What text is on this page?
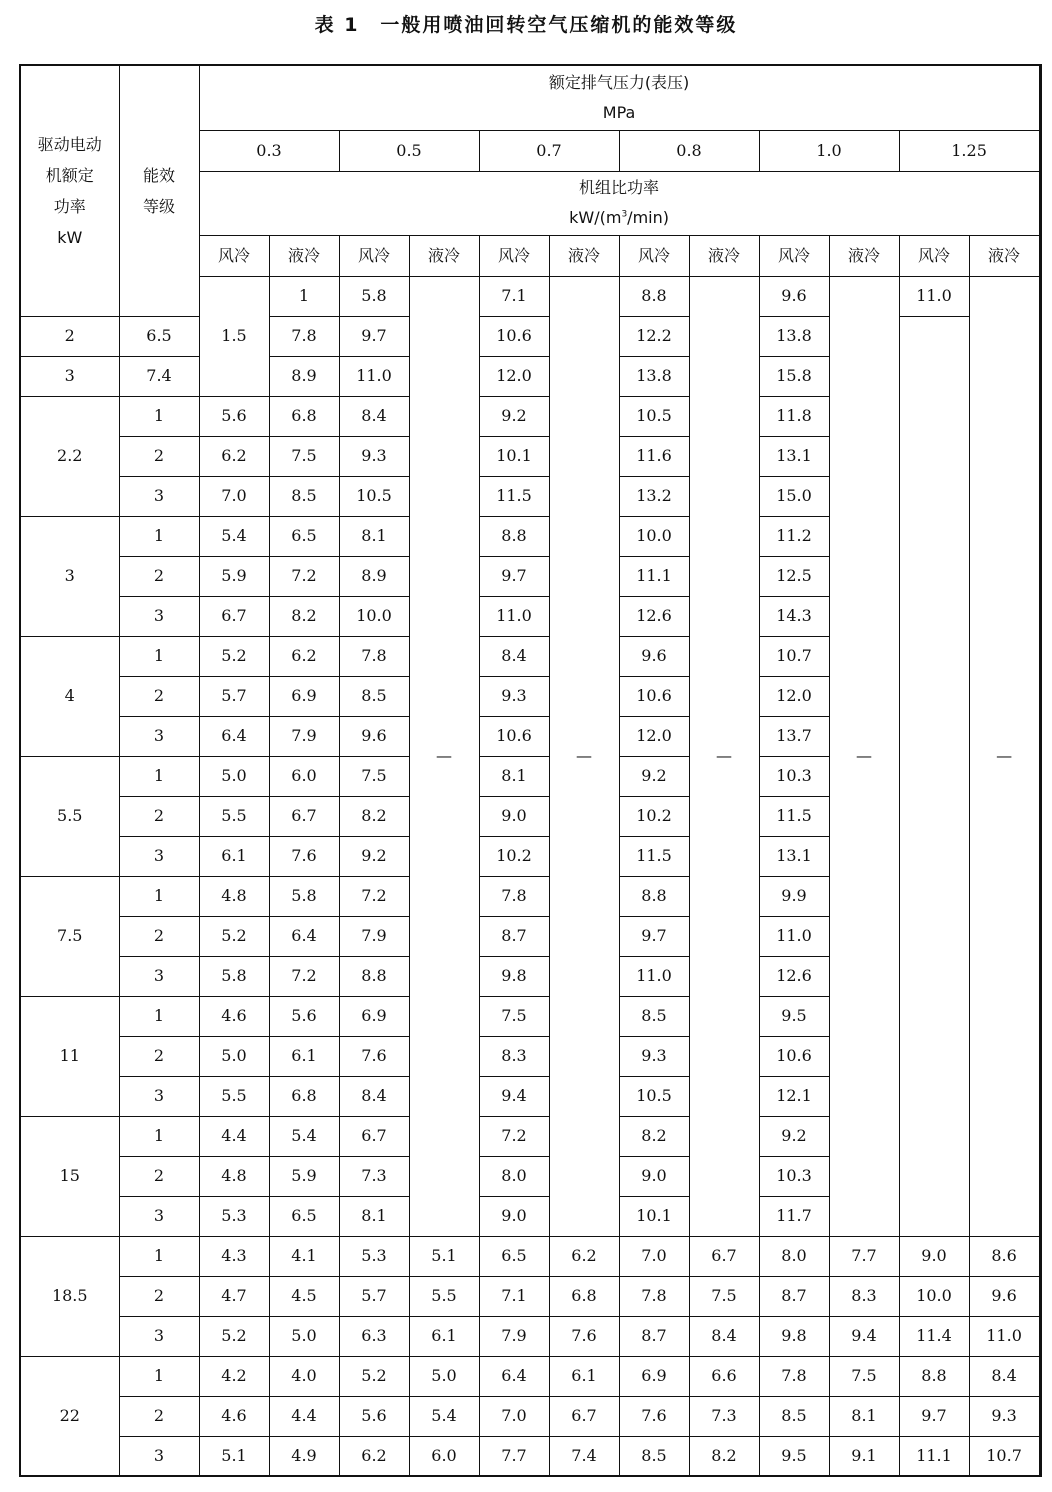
表 1　一般用喷油回转空气压缩机的能效等级
驱动电动
机额定
功率
kW	能效
等级	额定排气压力(表压)
MPa												

		0.3		0.5		0.7		0.8		1.0		1.25		

		机组比功率
$kW/(m^3/\min)$												

		风冷	液冷	风冷	液冷	风冷	液冷	风冷	液冷	风冷	液冷	风冷	液冷	
		1.5	1	5.8	—	7.1	—	8.8	—	9.6	—	11.0	—		
2	6.5		7.8	9.7		10.6		12.2		13.8				
3	7.4		8.9	11.0		12.0		13.8		15.8				
2.2	1	5.6	6.8	8.4		9.2		10.5		11.8				
	2	6.2	7.5	9.3		10.1		11.6		13.1				
	3	7.0	8.5	10.5		11.5		13.2		15.0				
3	1	5.4	6.5	8.1		8.8		10.0		11.2				
	2	5.9	7.2	8.9		9.7		11.1		12.5				
	3	6.7	8.2	10.0		11.0		12.6		14.3				
4	1	5.2	6.2	7.8		8.4		9.6		10.7				
	2	5.7	6.9	8.5		9.3		10.6		12.0				
	3	6.4	7.9	9.6		10.6		12.0		13.7				
5.5	1	5.0	6.0	7.5		8.1		9.2		10.3				
	2	5.5	6.7	8.2		9.0		10.2		11.5				
	3	6.1	7.6	9.2		10.2		11.5		13.1				
7.5	1	4.8	5.8	7.2		7.8		8.8		9.9				
	2	5.2	6.4	7.9		8.7		9.7		11.0				
	3	5.8	7.2	8.8		9.8		11.0		12.6				
11	1	4.6	5.6	6.9		7.5		8.5		9.5				
	2	5.0	6.1	7.6		8.3		9.3		10.6				
	3	5.5	6.8	8.4		9.4		10.5		12.1				
15	1	4.4	5.4	6.7		7.2		8.2		9.2				
	2	4.8	5.9	7.3		8.0		9.0		10.3				
	3	5.3	6.5	8.1		9.0		10.1		11.7				
18.5	1	4.3	4.1	5.3	5.1	6.5	6.2	7.0	6.7	8.0	7.7	9.0	8.6	
	2	4.7	4.5	5.7	5.5	7.1	6.8	7.8	7.5	8.7	8.3	10.0	9.6	
	3	5.2	5.0	6.3	6.1	7.9	7.6	8.7	8.4	9.8	9.4	11.4	11.0	
22	1	4.2	4.0	5.2	5.0	6.4	6.1	6.9	6.6	7.8	7.5	8.8	8.4	
	2	4.6	4.4	5.6	5.4	7.0	6.7	7.6	7.3	8.5	8.1	9.7	9.3	
	3	5.1	4.9	6.2	6.0	7.7	7.4	8.5	8.2	9.5	9.1	11.1	10.7	
